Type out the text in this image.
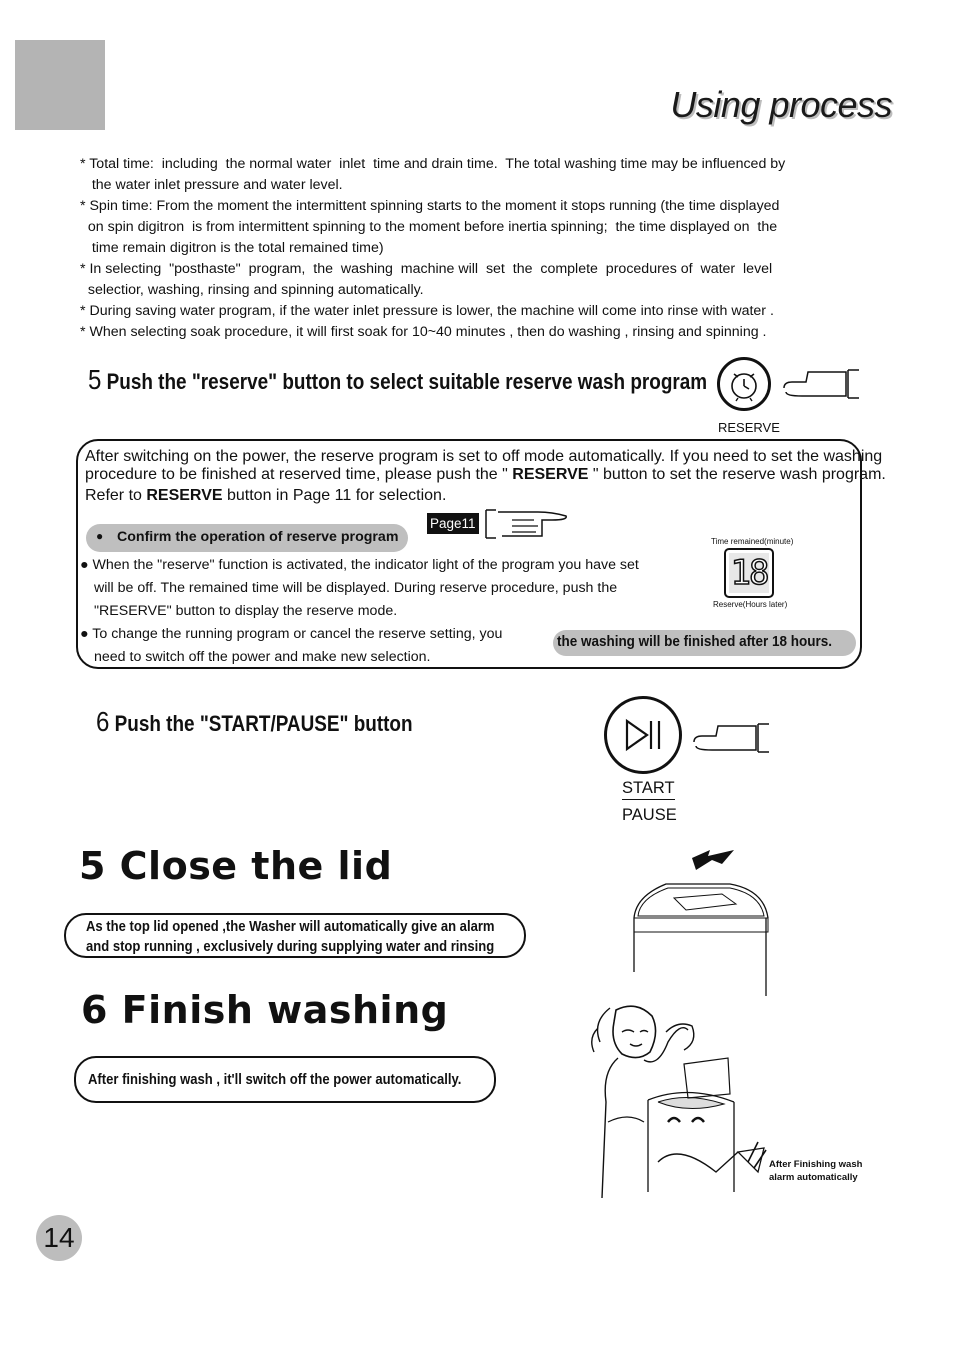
Using process

* Total time:  including  the normal water  inlet  time and drain time.  The total washing time may be influenced by

the water inlet pressure and water level.

* Spin time: From the moment the intermittent spinning starts to the moment it stops running (the time displayed

on spin digitron  is from intermittent spinning to the moment before inertia spinning;  the time displayed on  the

time remain digitron is the total remained time)

* In selecting  "posthaste"  program,  the  washing  machine will  set  the  complete  procedures of  water  level

selectior, washing, rinsing and spinning automatically.

* During saving water program, if the water inlet pressure is lower, the machine will come into rinse with water .

* When selecting soak procedure, it will first soak for 10~40 minutes , then do washing , rinsing and spinning .

5 Push the "reserve" button to select suitable reserve wash program
RESERVE
After switching on the power, the reserve program is set to off mode automatically. If you need to set the washing
procedure to be finished at reserved time, please push the " RESERVE " button to set the reserve wash program.
Refer to RESERVE button in Page 11 for selection.
Page11
● Confirm the operation of reserve program
● When the "reserve" function is activated, the indicator light of the program you have set
will be off. The remained time will be displayed. During reserve procedure, push the
"RESERVE" button to display the reserve mode.
● To change the running program or cancel the reserve setting, you
need to switch off the power and make new selection.
Time remained(minute)
18
Reserve(Hours later)
the washing will be finished after 18 hours.
6 Push the "START/PAUSE" button
START
PAUSE
5 Close the lid
As the top lid opened ,the Washer will automatically give an alarm
and stop running , exclusively during supplying water and rinsing
6 Finish washing
After finishing wash , it'll switch off the power automatically.
After Finishing wash
alarm automatically
14
